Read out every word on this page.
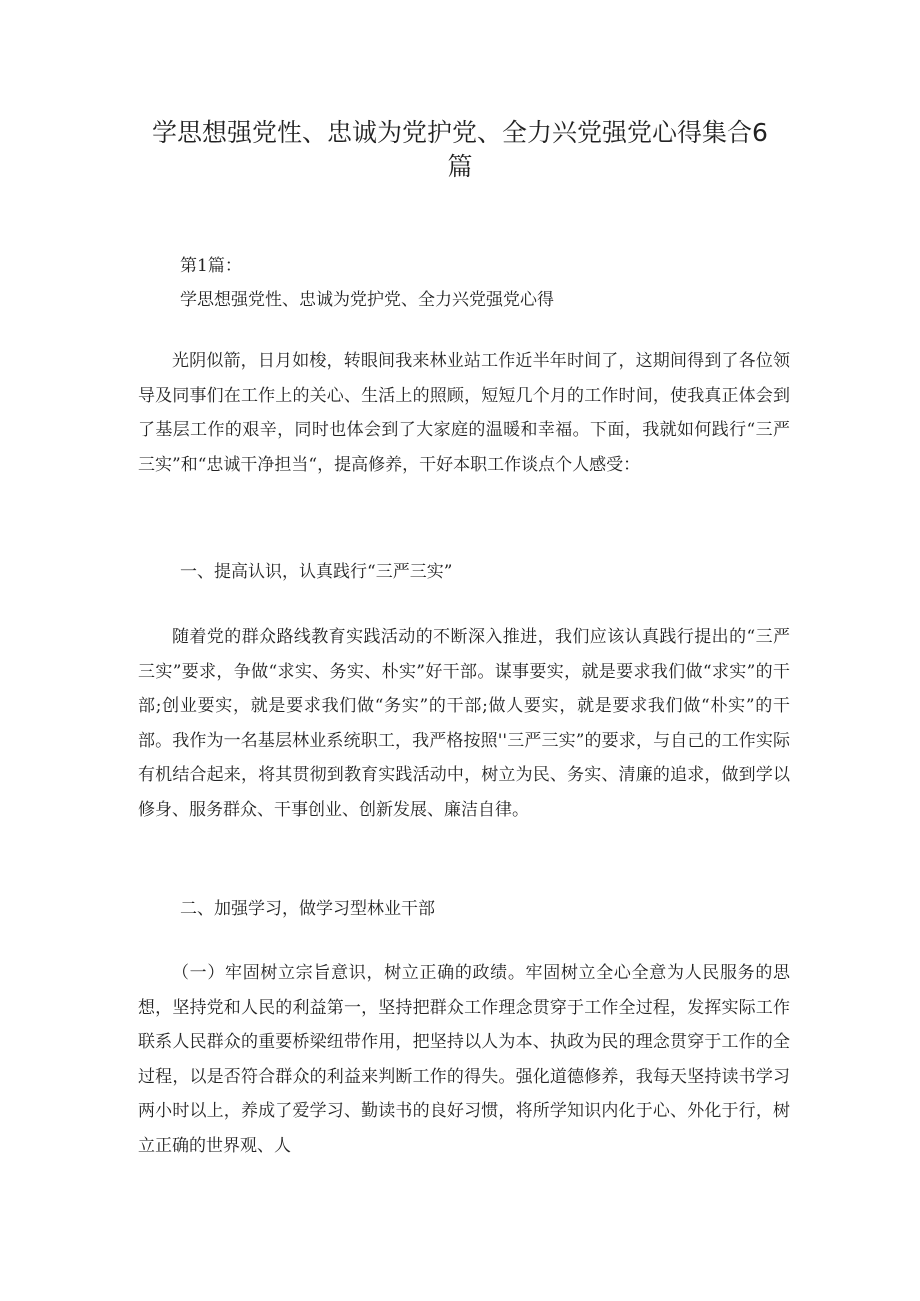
学思想强党性、忠诚为党护党、全力兴党强党心得集合6篇
第1篇：
学思想强党性、忠诚为党护党、全力兴党强党心得

光阴似箭，日月如梭，转眼间我来林业站工作近半年时间了，这期间得到了各位领导及同事们在工作上的关心、生活上的照顾，短短几个月的工作时间，使我真正体会到了基层工作的艰辛，同时也体会到了大家庭的温暖和幸福。下面，我就如何践行“三严三实”和“忠诚干净担当“，提高修养，干好本职工作谈点个人感受：

一、提高认识，认真践行“三严三实”

随着党的群众路线教育实践活动的不断深入推进，我们应该认真践行提出的“三严三实”要求，争做“求实、务实、朴实”好干部。谋事要实，就是要求我们做“求实”的干部;创业要实，就是要求我们做“务实”的干部;做人要实，就是要求我们做“朴实”的干部。我作为一名基层林业系统职工，我严格按照''三严三实”的要求，与自己的工作实际有机结合起来，将其贯彻到教育实践活动中，树立为民、务实、清廉的追求，做到学以修身、服务群众、干事创业、创新发展、廉洁自律。

二、加强学习，做学习型林业干部

（一）牢固树立宗旨意识，树立正确的政绩。牢固树立全心全意为人民服务的思想，坚持党和人民的利益第一，坚持把群众工作理念贯穿于工作全过程，发挥实际工作联系人民群众的重要桥梁纽带作用，把坚持以人为本、执政为民的理念贯穿于工作的全过程，以是否符合群众的利益来判断工作的得失。强化道德修养，我每天坚持读书学习两小时以上，养成了爱学习、勤读书的良好习惯，将所学知识内化于心、外化于行，树立正确的世界观、人
